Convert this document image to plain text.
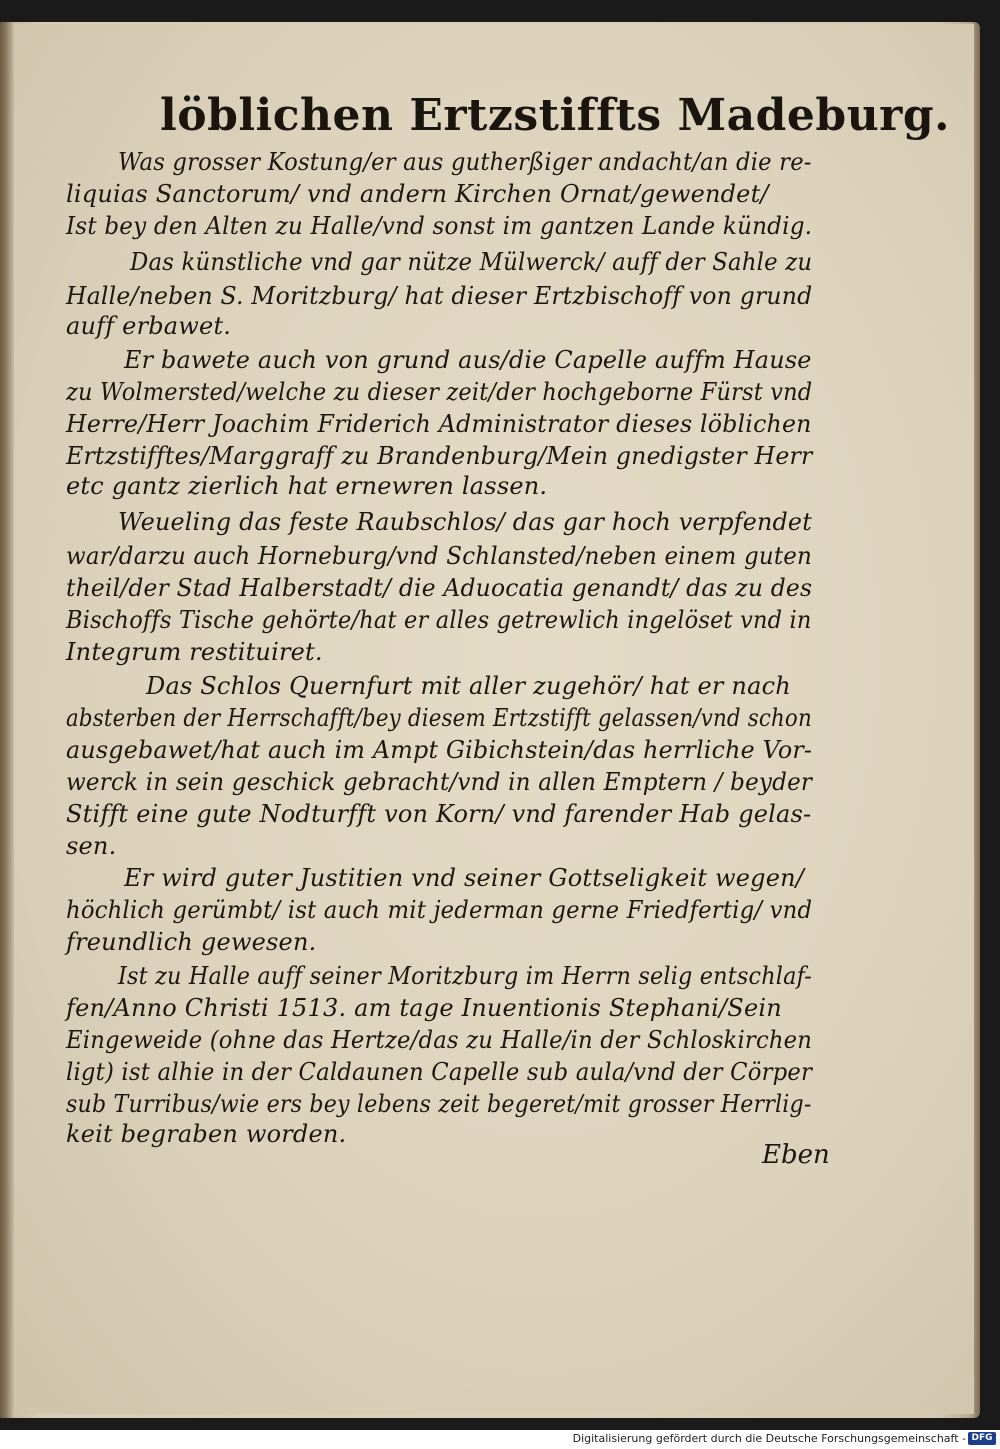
löblichen Ertzstiffts Madeburg.
Was grosser Kostung/er aus gutherßiger andacht/an die re-
liquias Sanctorum/ vnd andern Kirchen Ornat/gewendet/
Ist bey den Alten zu Halle/vnd sonst im gantzen Lande kündig.
Das künstliche vnd gar nütze Mülwerck/ auff der Sahle zu
Halle/neben S. Moritzburg/ hat dieser Ertzbischoff von grund
auff erbawet.
Er bawete auch von grund aus/die Capelle auffm Hause
zu Wolmersted/welche zu dieser zeit/der hochgeborne Fürst vnd
Herre/Herr Joachim Friderich Administrator dieses löblichen
Ertzstifftes/Marggraff zu Brandenburg/Mein gnedigster Herr
etc gantz zierlich hat ernewren lassen.
Weueling das feste Raubschlos/ das gar hoch verpfendet
war/darzu auch Horneburg/vnd Schlansted/neben einem guten
theil/der Stad Halberstadt/ die Aduocatia genandt/ das zu des
Bischoffs Tische gehörte/hat er alles getrewlich ingelöset vnd in
Integrum restituiret.
Das Schlos Quernfurt mit aller zugehör/ hat er nach
absterben der Herrschafft/bey diesem Ertzstifft gelassen/vnd schon
ausgebawet/hat auch im Ampt Gibichstein/das herrliche Vor-
werck in sein geschick gebracht/vnd in allen Emptern / beyder
Stifft eine gute Nodturfft von Korn/ vnd farender Hab gelas-
sen.
Er wird guter Justitien vnd seiner Gottseligkeit wegen/
höchlich gerümbt/ ist auch mit jederman gerne Friedfertig/ vnd
freundlich gewesen.
Ist zu Halle auff seiner Moritzburg im Herrn selig entschlaf-
fen/Anno Christi 1513. am tage Inuentionis Stephani/Sein
Eingeweide (ohne das Hertze/das zu Halle/in der Schloskirchen
ligt) ist alhie in der Caldaunen Capelle sub aula/vnd der Cörper
sub Turribus/wie ers bey lebens zeit begeret/mit grosser Herrlig-
keit begraben worden.
Eben
Digitalisierung gefördert durch die Deutsche Forschungsgemeinschaft - DFG
